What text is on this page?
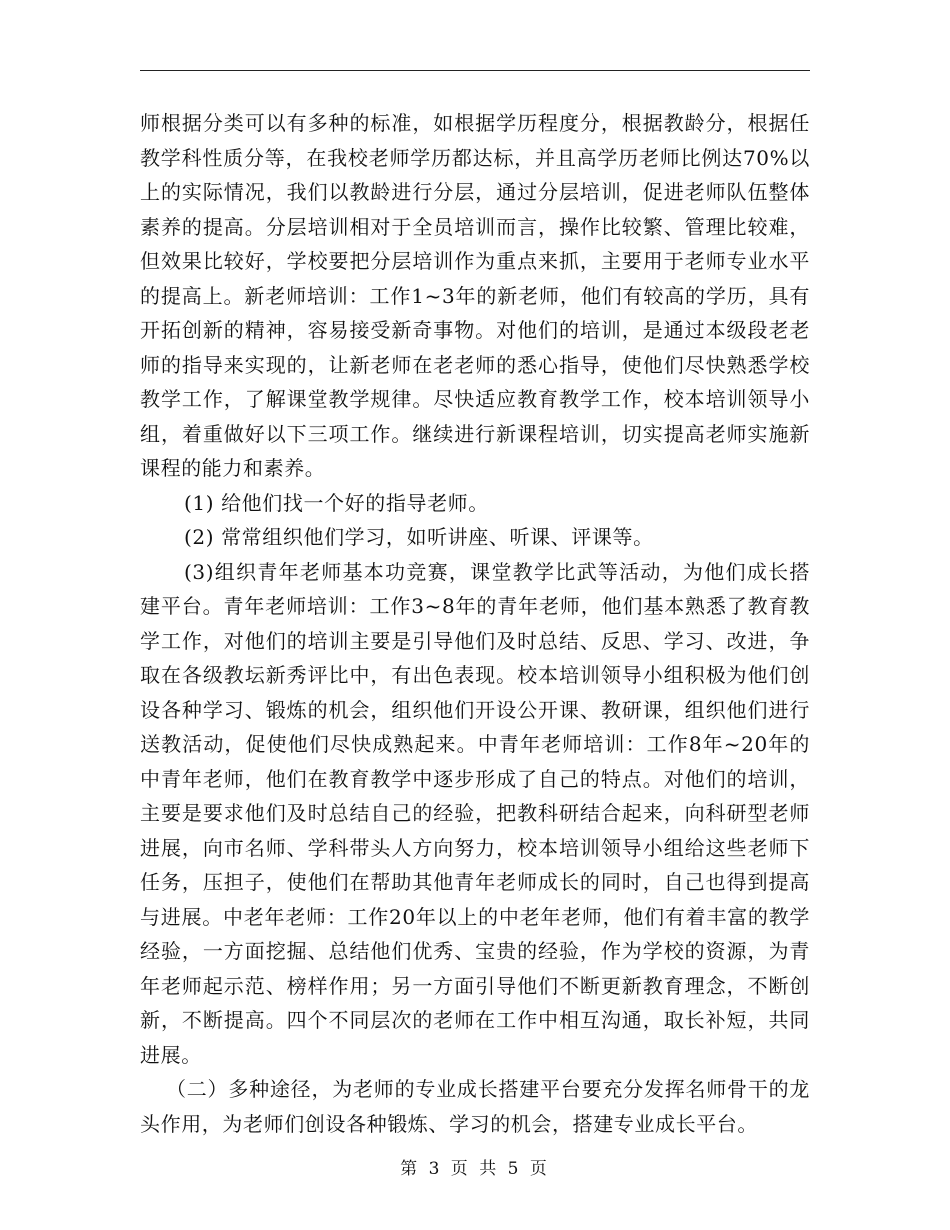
师根据分类可以有多种的标准，如根据学历程度分，根据教龄分，根据任教学科性质分等，在我校老师学历都达标，并且高学历老师比例达70%以上的实际情况，我们以教龄进行分层，通过分层培训，促进老师队伍整体素养的提高。分层培训相对于全员培训而言，操作比较繁、管理比较难，但效果比较好，学校要把分层培训作为重点来抓，主要用于老师专业水平的提高上。新老师培训：工作1~3年的新老师，他们有较高的学历，具有开拓创新的精神，容易接受新奇事物。对他们的培训，是通过本级段老老师的指导来实现的，让新老师在老老师的悉心指导，使他们尽快熟悉学校教学工作，了解课堂教学规律。尽快适应教育教学工作，校本培训领导小组，着重做好以下三项工作。继续进行新课程培训，切实提高老师实施新课程的能力和素养。

(1) 给他们找一个好的指导老师。

(2) 常常组织他们学习，如听讲座、听课、评课等。

(3)组织青年老师基本功竞赛，课堂教学比武等活动，为他们成长搭建平台。青年老师培训：工作3~8年的青年老师，他们基本熟悉了教育教学工作，对他们的培训主要是引导他们及时总结、反思、学习、改进，争取在各级教坛新秀评比中，有出色表现。校本培训领导小组积极为他们创设各种学习、锻炼的机会，组织他们开设公开课、教研课，组织他们进行送教活动，促使他们尽快成熟起来。中青年老师培训：工作8年~20年的中青年老师，他们在教育教学中逐步形成了自己的特点。对他们的培训，主要是要求他们及时总结自己的经验，把教科研结合起来，向科研型老师进展，向市名师、学科带头人方向努力，校本培训领导小组给这些老师下任务，压担子，使他们在帮助其他青年老师成长的同时，自己也得到提高与进展。中老年老师：工作20年以上的中老年老师，他们有着丰富的教学经验，一方面挖掘、总结他们优秀、宝贵的经验，作为学校的资源，为青年老师起示范、榜样作用；另一方面引导他们不断更新教育理念，不断创新，不断提高。四个不同层次的老师在工作中相互沟通，取长补短，共同进展。

（二）多种途径，为老师的专业成长搭建平台要充分发挥名师骨干的龙头作用，为老师们创设各种锻炼、学习的机会，搭建专业成长平台。

第 3 页 共 5 页
